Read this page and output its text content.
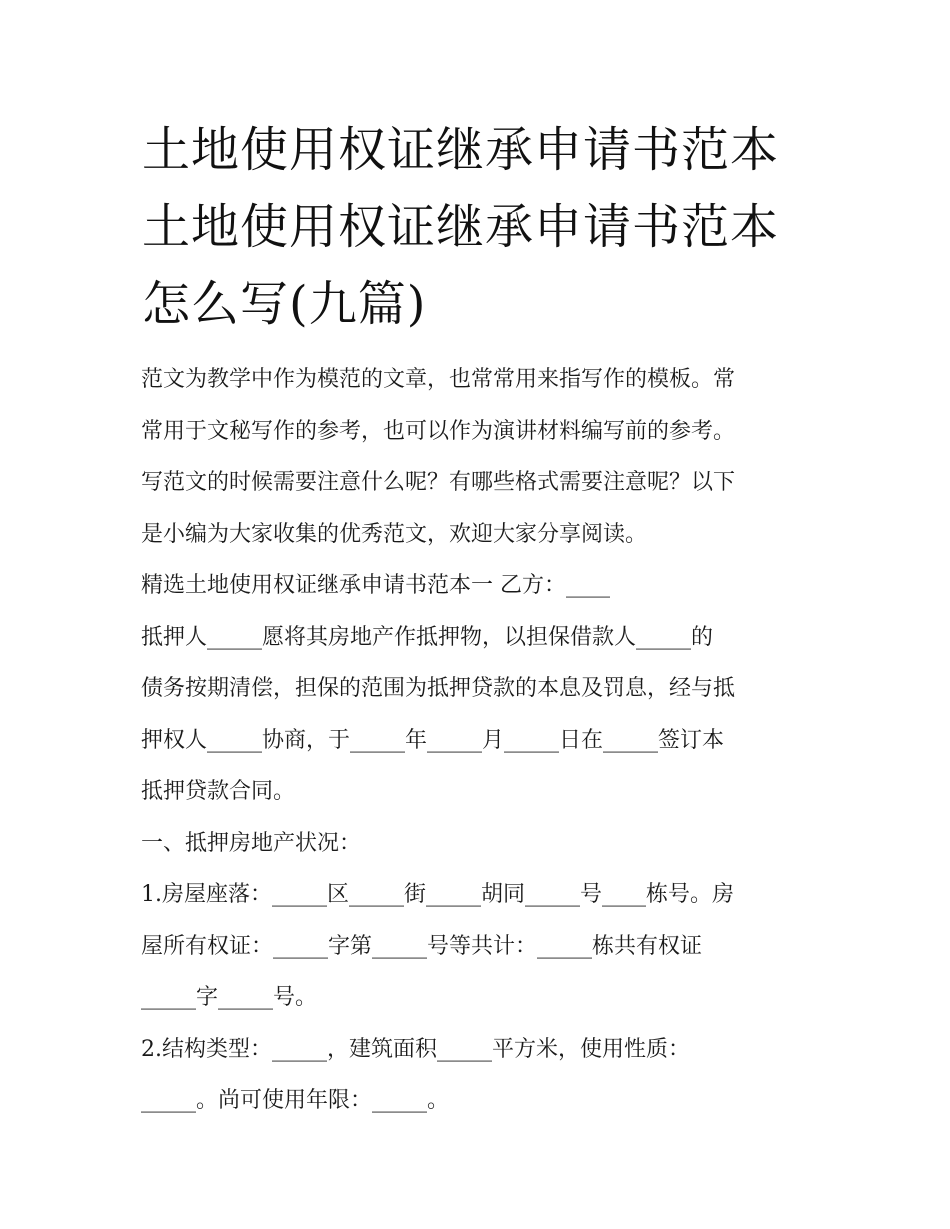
土地使用权证继承申请书范本
土地使用权证继承申请书范本
怎么写(九篇)

范文为教学中作为模范的文章，也常常用来指写作的模板。常
常用于文秘写作的参考，也可以作为演讲材料编写前的参考。
写范文的时候需要注意什么呢？有哪些格式需要注意呢？以下
是小编为大家收集的优秀范文，欢迎大家分享阅读。

精选土地使用权证继承申请书范本一 乙方：____

抵押人_____愿将其房地产作抵押物，以担保借款人_____的
债务按期清偿，担保的范围为抵押贷款的本息及罚息，经与抵
押权人_____协商，于_____年_____月_____日在_____签订本
抵押贷款合同。

一、抵押房地产状况：

1.房屋座落：_____区_____街_____胡同_____号____栋号。房
屋所有权证：_____字第_____号等共计：_____栋共有权证
_____字_____号。

2.结构类型：_____，建筑面积_____平方米，使用性质：
_____。尚可使用年限：_____。
